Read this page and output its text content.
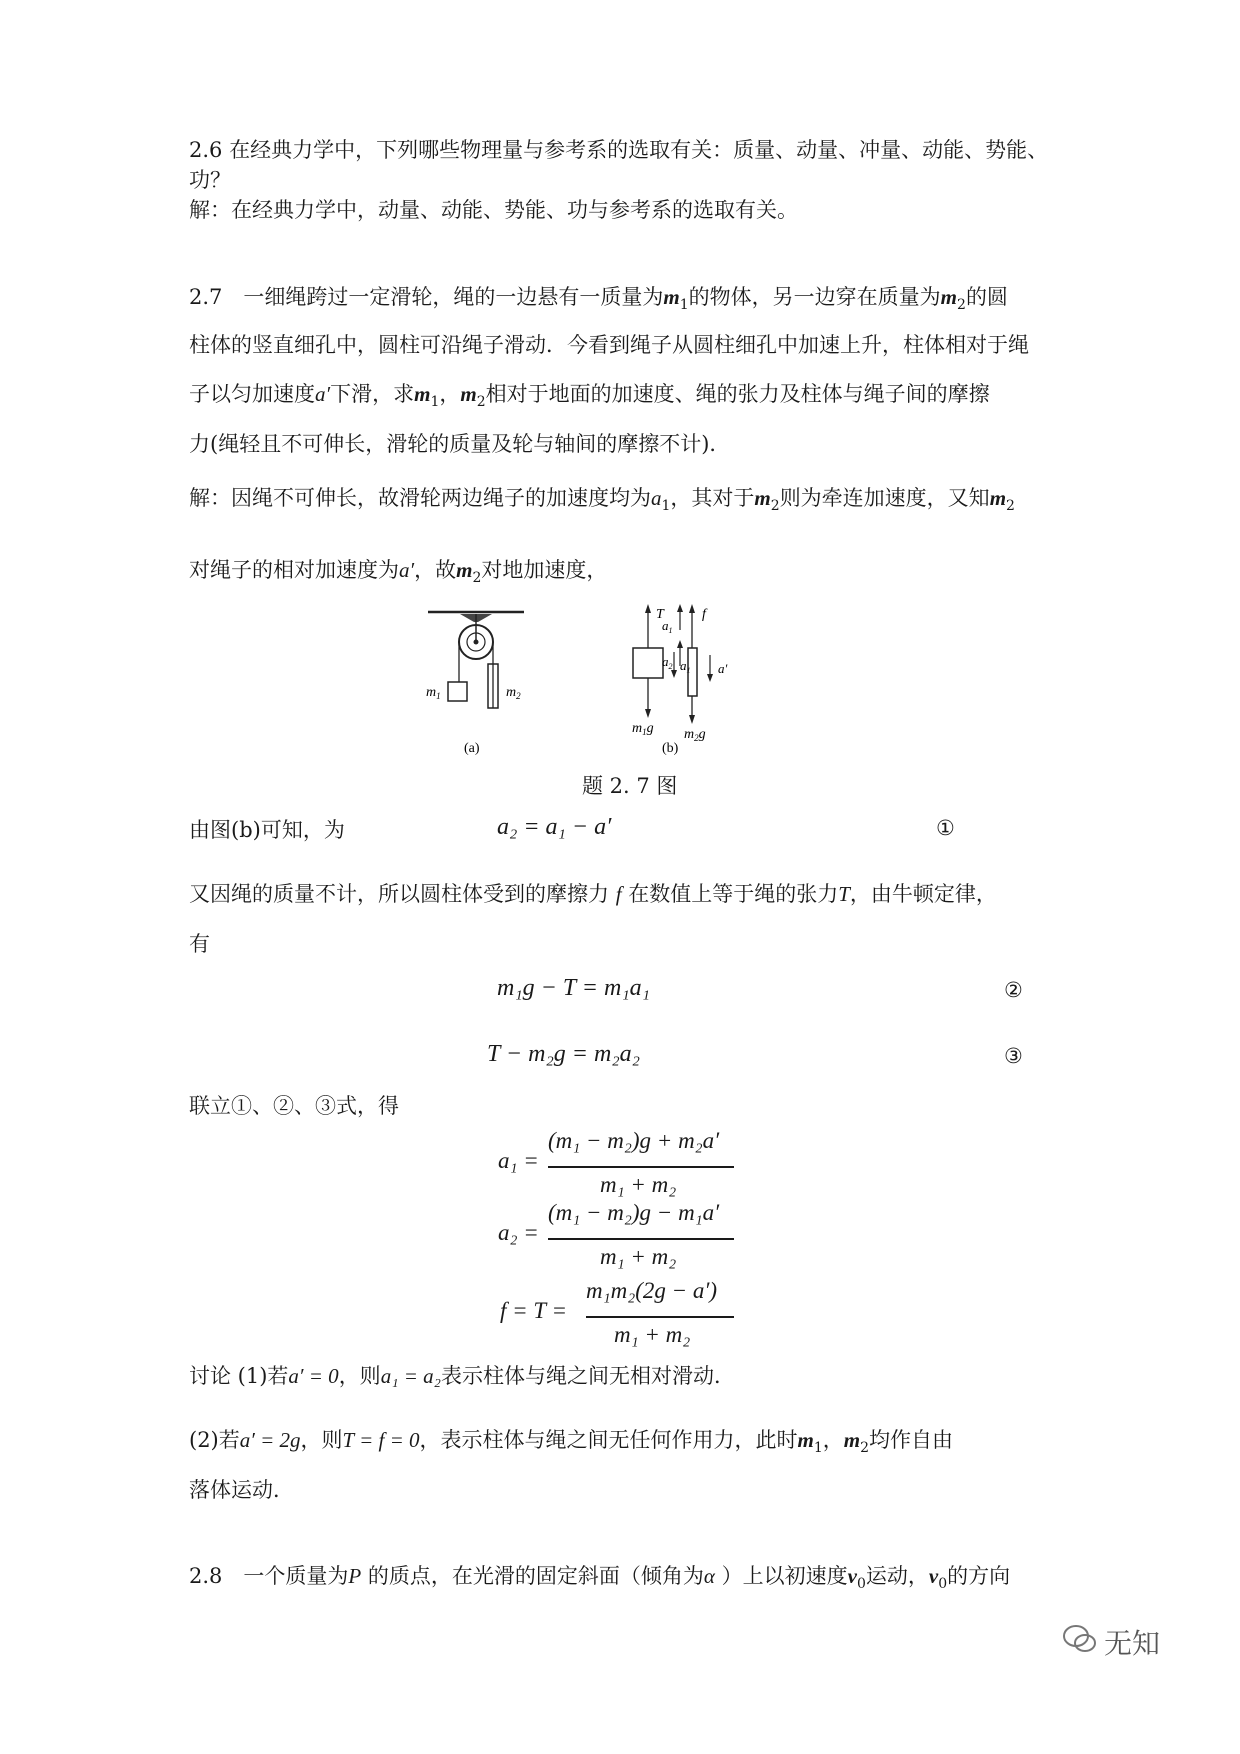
2.6 在经典力学中，下列哪些物理量与参考系的选取有关：质量、动量、冲量、动能、势能、
功？
解：在经典力学中，动量、动能、势能、功与参考系的选取有关。
2.7　一细绳跨过一定滑轮，绳的一边悬有一质量为$m_1$的物体，另一边穿在质量为$m_2$的圆
柱体的竖直细孔中，圆柱可沿绳子滑动．今看到绳子从圆柱细孔中加速上升，柱体相对于绳
子以匀加速度a′下滑，求$m_1$，$m_2$相对于地面的加速度、绳的张力及柱体与绳子间的摩擦
力(绳轻且不可伸长，滑轮的质量及轮与轴间的摩擦不计)．
解：因绳不可伸长，故滑轮两边绳子的加速度均为$a_1$，其对于$m_2$则为牵连加速度，又知$m_2$
对绳子的相对加速度为a′，故$m_2$对地加速度，
$m_1$	$m_2$
(a)
T
$m_1g$
$a_1$
$a_1$
f
$a_2$
$m_2g$
a′
(b)
题 2. 7 图
由图(b)可知，为	a₂ = a₁ − a′	①
又因绳的质量不计，所以圆柱体受到的摩擦力 f 在数值上等于绳的张力T，由牛顿定律，
有
m₁g − T = m₁a₁	②
T − m₂g = m₂a₂	③
联立①、②、③式，得
a₁ =
(m₁ − m₂)g + m₂a′
m₁ + m₂
a₂ =
(m₁ − m₂)g − m₁a′
m₁ + m₂
f = T =
m₁m₂(2g − a′)
m₁ + m₂
讨论 (1)若a′ = 0，则a₁ = a₂表示柱体与绳之间无相对滑动．
(2)若a′ = 2g，则T = f = 0，表示柱体与绳之间无任何作用力，此时$m_1$，$m_2$均作自由
落体运动．
2.8　一个质量为P 的质点，在光滑的固定斜面（倾角为α ）上以初速度$v_0$运动，$v_0$的方向
无知
